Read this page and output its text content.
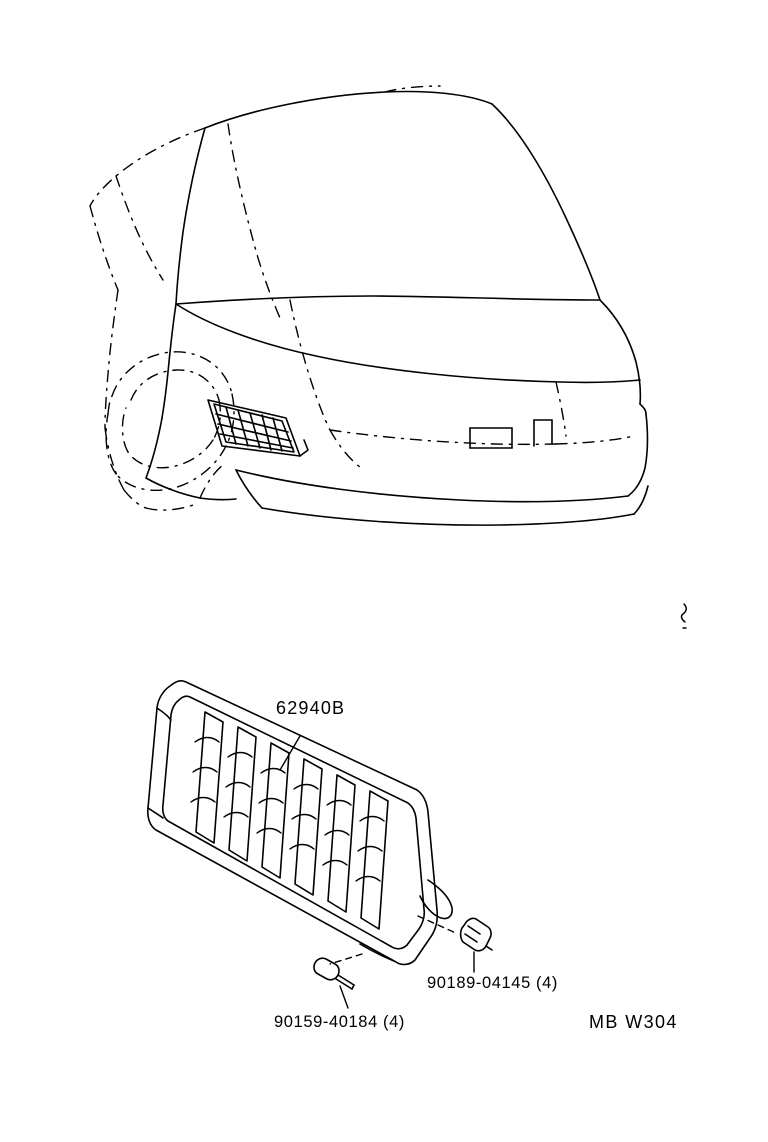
62940B
90189-04145 (4)
90159-40184 (4)	MB W304
